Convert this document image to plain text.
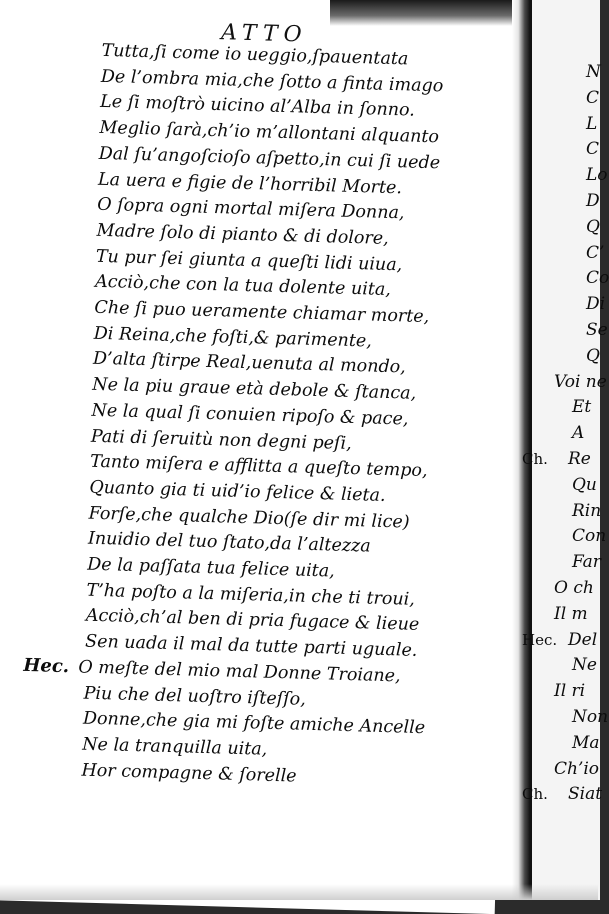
ATTO
Tutta,ſi come io ueggio,ſpauentata
De l’ombra mia,che ſotto a finta imago
Le ſi moſtrò uicino al’Alba in ſonno.
Meglio ſarà,ch’io m’allontani alquanto
Dal ſu’angoſcioſo aſpetto,in cui ſi uede
La uera e figie de l’horribil Morte.
O ſopra ogni mortal miſera Donna,
Madre ſolo di pianto & di dolore,
Tu pur ſei giunta a queſti lidi uiua,
Acciò,che con la tua dolente uita,
Che ſi puo ueramente chiamar morte,
Di Reina,che foſti,& parimente,
D’alta ſtirpe Real,uenuta al mondo,
Ne la piu graue età debole & ſtanca,
Ne la qual ſi conuien ripoſo & pace,
Pati di ſeruitù non degni peſi,
Tanto miſera e afflitta a queſto tempo,
Quanto gia ti uid’io felice & lieta.
Forſe,che qualche Dio(ſe dir mi lice)
Inuidio del tuo ſtato,da l’altezza
De la paſſata tua felice uita,
T’ha poſto a la miſeria,in che ti troui,
Acciò,ch’al ben di pria fugace & lieue
Sen uada il mal da tutte parti uguale.
Hec. O meſte del mio mal Donne Troiane,
Piu che del uoſtro iſteſſo,
Donne,che gia mi foſte amiche Ancelle
Ne la tranquilla uita,
Hor compagne & ſorelle
N
C
L
C
Lo
D
Q
C’
Co
Di
Se
Q
Voi ne
Et
A
Ch. Re
Qu
Rin
Con
Far
O ch
Il m
Hec. Del
Ne
Il ri
Non
Ma
Ch’io
Ch. Siat
